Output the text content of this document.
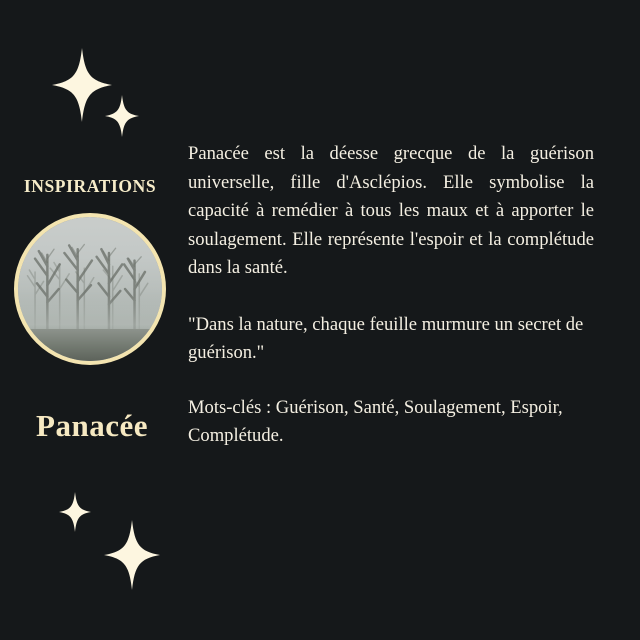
INSPIRATIONS
Panacée

Panacée est la déesse grecque de la guérison universelle, fille d'Asclépios. Elle symbolise la capacité à remédier à tous les maux et à apporter le soulagement. Elle représente l'espoir et la complétude dans la santé.

"Dans la nature, chaque feuille murmure un secret de guérison."

Mots-clés : Guérison, Santé, Soulagement, Espoir, Complétude.
